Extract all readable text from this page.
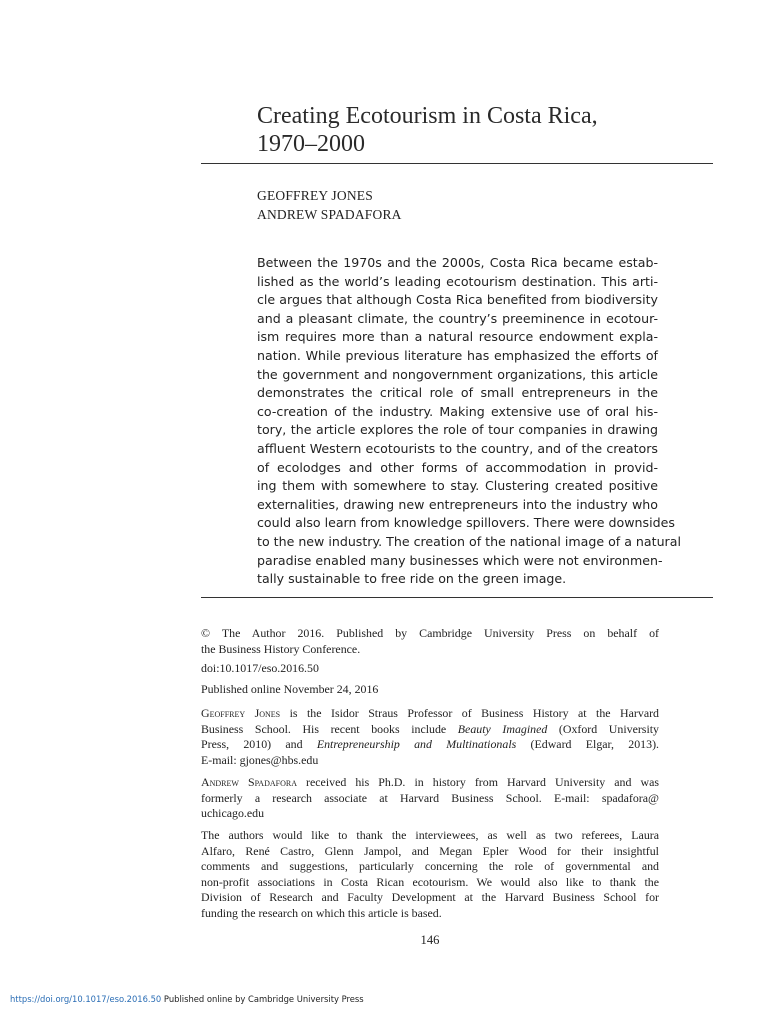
Creating Ecotourism in Costa Rica,
1970–2000
GEOFFREY JONES
ANDREW SPADAFORA

Between the 1970s and the 2000s, Costa Rica became estab-
lished as the world’s leading ecotourism destination. This arti-
cle argues that although Costa Rica benefited from biodiversity
and a pleasant climate, the country’s preeminence in ecotour-
ism requires more than a natural resource endowment expla-
nation. While previous literature has emphasized the efforts of
the government and nongovernment organizations, this article
demonstrates the critical role of small entrepreneurs in the
co-creation of the industry. Making extensive use of oral his-
tory, the article explores the role of tour companies in drawing
affluent Western ecotourists to the country, and of the creators
of ecolodges and other forms of accommodation in provid-
ing them with somewhere to stay. Clustering created positive
externalities, drawing new entrepreneurs into the industry who
could also learn from knowledge spillovers. There were downsides
to the new industry. The creation of the national image of a natural
paradise enabled many businesses which were not environmen-
tally sustainable to free ride on the green image.

© The Author 2016. Published by Cambridge University Press on behalf of
the Business History Conference.

doi:10.1017/eso.2016.50

Published online November 24, 2016

Geoffrey Jones is the Isidor Straus Professor of Business History at the Harvard
Business School. His recent books include Beauty Imagined (Oxford University
Press, 2010) and Entrepreneurship and Multinationals (Edward Elgar, 2013).
E-mail: gjones@hbs.edu

Andrew Spadafora received his Ph.D. in history from Harvard University and was
formerly a research associate at Harvard Business School. E-mail: spadafora@
uchicago.edu

The authors would like to thank the interviewees, as well as two referees, Laura
Alfaro, René Castro, Glenn Jampol, and Megan Epler Wood for their insightful
comments and suggestions, particularly concerning the role of governmental and
non-profit associations in Costa Rican ecotourism. We would also like to thank the
Division of Research and Faculty Development at the Harvard Business School for
funding the research on which this article is based.

146
https://doi.org/10.1017/eso.2016.50 Published online by Cambridge University Press
